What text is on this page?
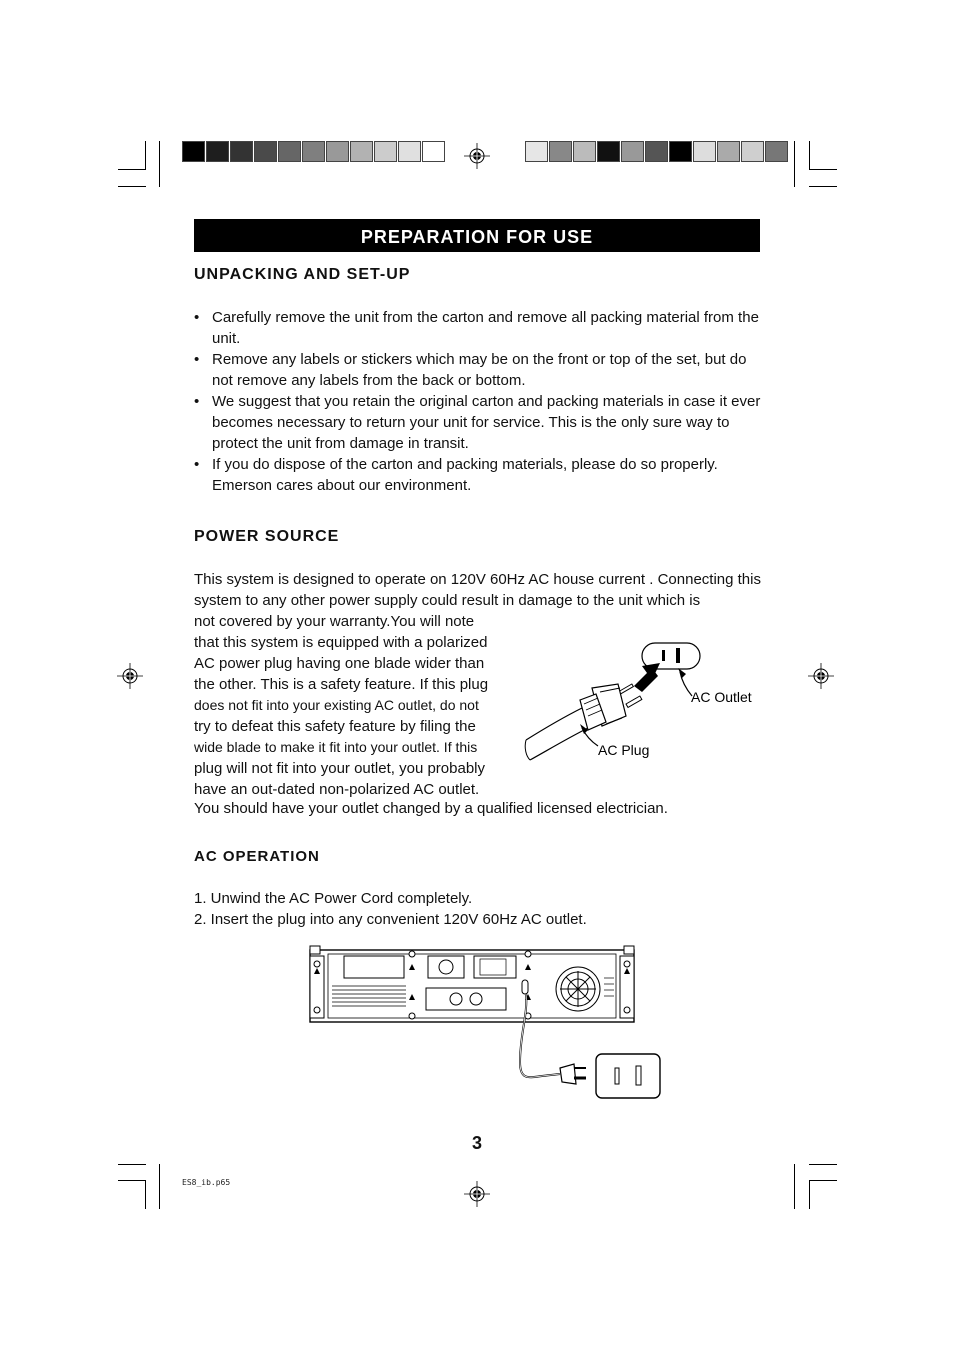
PREPARATION FOR USE
UNPACKING AND SET-UP
• Carefully remove the unit from the carton and remove all packing material from the unit.
• Remove any labels or stickers which may be on the front or top of the set, but do not remove any labels from the back or bottom.
• We suggest that you retain the original carton and packing materials in case it ever becomes necessary to return your unit for service. This is the only sure way to protect the unit from damage in transit.
• If you do dispose of the carton and packing materials, please do so properly. Emerson cares about our environment.
POWER SOURCE
This system is designed to operate on 120V 60Hz AC house current . Connecting this system to any other power supply could result in damage to the unit which is
not covered by your warranty.You will note
that this system is equipped with a polarized
AC power plug having one blade wider than
the other. This is a safety feature. If this plug
does not fit into your existing AC outlet, do not
try to defeat this safety feature by filing the
wide blade to make it fit into your outlet. If this
plug will not fit into your outlet, you probably
have an out-dated non-polarized AC outlet.
You should have your outlet changed by a qualified licensed electrician.
AC Outlet
AC Plug
AC OPERATION
1. Unwind the AC Power Cord completely.
2. Insert the plug into any convenient 120V 60Hz AC outlet.
3
ES8_ib.p65
